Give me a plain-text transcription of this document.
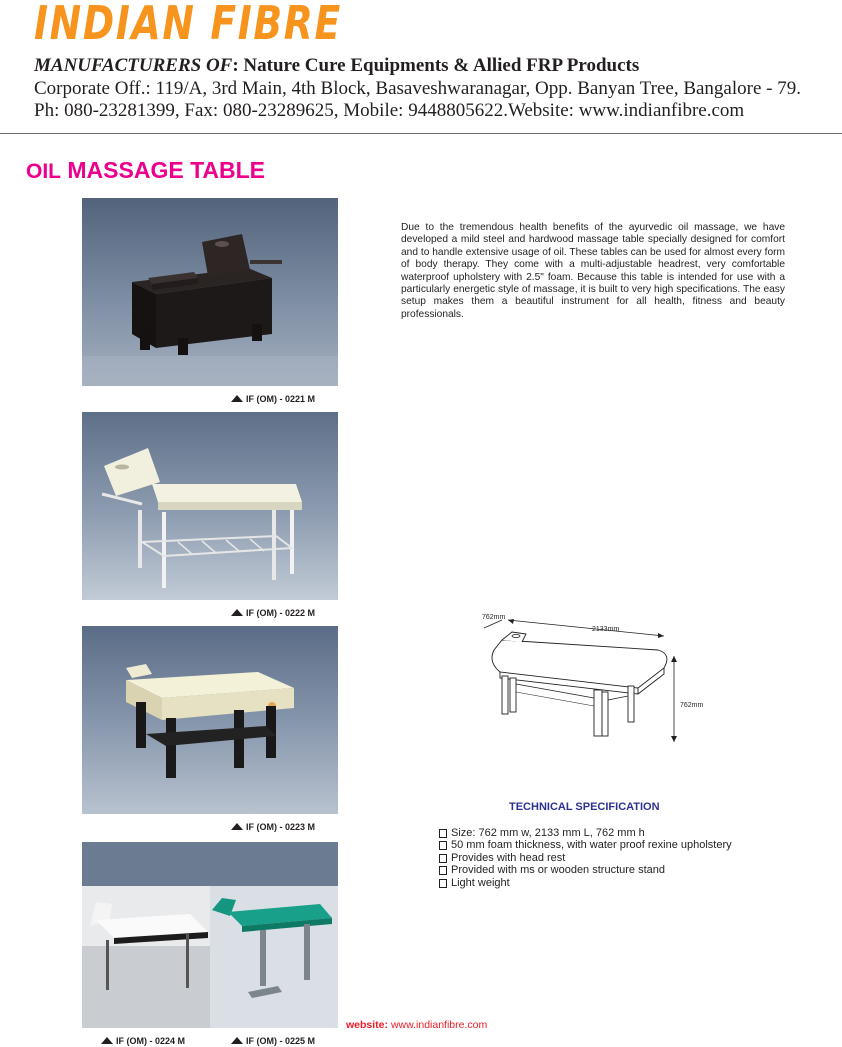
INDIAN FIBRE
MANUFACTURERS OF: Nature Cure Equipments & Allied FRP Products
Corporate Off.: 119/A, 3rd Main, 4th Block, Basaveshwaranagar, Opp. Banyan Tree, Bangalore - 79.
Ph: 080-23281399, Fax: 080-23289625, Mobile: 9448805622.Website: www.indianfibre.com
OIL MASSAGE TABLE
IF (OM) - 0221 M
IF (OM) - 0222 M
IF (OM) - 0223 M
IF (OM) - 0224 M	IF (OM) - 0225 M
Due to the tremendous health benefits of the ayurvedic oil massage, we have developed a mild steel and hardwood massage table specially designed for comfort and to handle extensive usage of oil. These tables can be used for almost every form of body therapy. They come with a multi-adjustable headrest, very comfortable waterproof upholstery with 2.5" foam. Because this table is intended for use with a particularly energetic style of massage, it is built to very high specifications. The easy setup makes them a beautiful instrument for all health, fitness and beauty professionals.
762mm
2133mm
762mm
TECHNICAL SPECIFICATION
Size: 762 mm w, 2133 mm L, 762 mm h
50 mm foam thickness, with water proof rexine upholstery
Provides with head rest
Provided with ms or wooden structure stand
Light weight
website: www.indianfibre.com
